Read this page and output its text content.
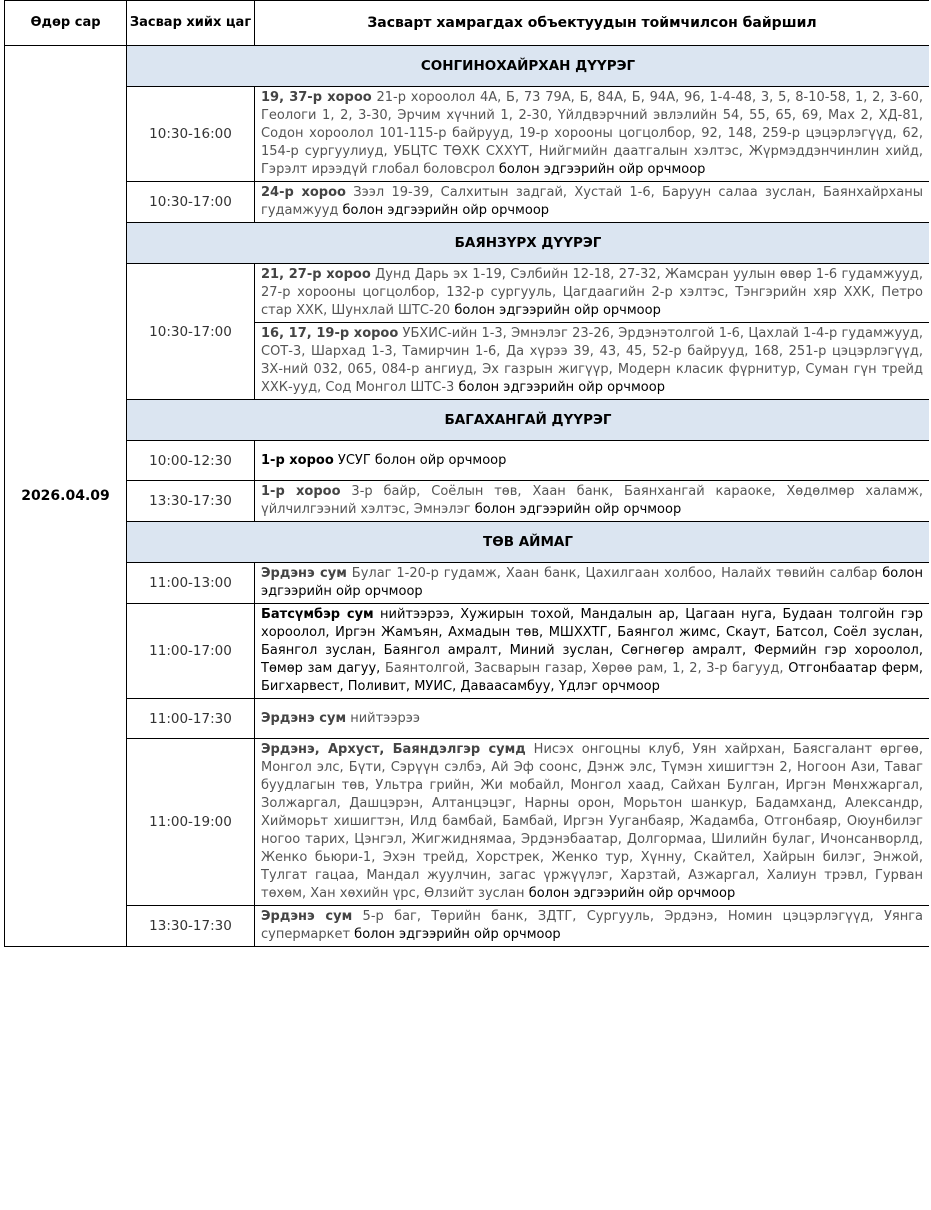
Өдөр сар	Засвар хийх цаг	Засварт хамрагдах объектуудын тоймчилсон байршил
2026.04.09	СОНГИНОХАЙРХАН ДҮҮРЭГ	
	10:30-16:00	19, 37-р хороо 21-р хороолол 4А, Б, 73 79А, Б, 84А, Б, 94А, 96, 1-4-48, 3, 5, 8-10-58, 1, 2, 3-60, Геологи 1, 2, 3-30, Эрчим хүчний 1, 2-30, Үйлдвэрчний эвлэлийн 54, 55, 65, 69, Мах 2, ХД-81, Содон хороолол 101-115-р байрууд, 19-р хорооны цогцолбор, 92, 148, 259-р цэцэрлэгүүд, 62, 154-р сургуулиуд, УБЦТС ТӨХК СХХҮТ, Нийгмийн даатгалын хэлтэс, Жүрмэддэнчинлин хийд, Гэрэлт ирээдүй глобал боловсрол болон эдгээрийн ойр орчмоор
	10:30-17:00	24-р хороо Зээл 19-39, Салхитын задгай, Хустай 1-6, Баруун салаа зуслан, Баянхайрханы гудамжууд болон эдгээрийн ойр орчмоор
	БАЯНЗҮРХ ДҮҮРЭГ	
	10:30-17:00	21, 27-р хороо Дунд Дарь эх 1-19, Сэлбийн 12-18, 27-32, Жамсран уулын өвөр 1-6 гудамжууд, 27-р хорооны цогцолбор, 132-р сургууль, Цагдаагийн 2-р хэлтэс, Тэнгэрийн хяр ХХК, Петро стар ХХК, Шунхлай ШТС-20 болон эдгээрийн ойр орчмоор
		16, 17, 19-р хороо УБХИС-ийн 1-3, Эмнэлэг 23-26, Эрдэнэтолгой 1-6, Цахлай 1-4-р гудамжууд, СОТ-3, Шархад 1-3, Тамирчин 1-6, Да хүрээ 39, 43, 45, 52-р байрууд, 168, 251-р цэцэрлэгүүд, ЗХ-ний 032, 065, 084-р ангиуд, Эх газрын жигүүр, Модерн класик фүрнитур, Суман гүн трейд ХХК-ууд, Сод Монгол ШТС-3 болон эдгээрийн ойр орчмоор
	БАГАХАНГАЙ ДҮҮРЭГ	
	10:00-12:30	1-р хороо УСУГ болон ойр орчмоор
	13:30-17:30	1-р хороо 3-р байр, Соёлын төв, Хаан банк, Баянхангай караоке, Хөдөлмөр халамж, үйлчилгээний хэлтэс, Эмнэлэг болон эдгээрийн ойр орчмоор
	ТӨВ АЙМАГ	
	11:00-13:00	Эрдэнэ сум Булаг 1-20-р гудамж, Хаан банк, Цахилгаан холбоо, Налайх төвийн салбар болон эдгээрийн ойр орчмоор
	11:00-17:00	Батсүмбэр сум нийтээрээ, Хужирын тохой, Мандалын ар, Цагаан нуга, Будаан толгойн гэр хороолол, Иргэн Жамъян, Ахмадын төв, МШХХТГ, Баянгол жимс, Скаут, Батсол, Соёл зуслан, Баянгол зуслан, Баянгол амралт, Миний зуслан, Сөгнөгөр амралт, Фермийн гэр хороолол, Төмөр зам дагуу, Баянтолгой, Засварын газар, Хөрөө рам, 1, 2, 3-р багууд, Отгонбаатар ферм, Бигхарвест, Поливит, МУИС, Даваасамбуу, Үдлэг орчмоор
	11:00-17:30	Эрдэнэ сум нийтээрээ
	11:00-19:00	Эрдэнэ, Архуст, Баяндэлгэр сумд Нисэх онгоцны клуб, Уян хайрхан, Баясгалант өргөө, Монгол элс, Бүти, Сэрүүн сэлбэ, Ай Эф соонс, Дэнж элс, Түмэн хишигтэн 2, Ногоон Ази, Таваг буудлагын төв, Ультра грийн, Жи мобайл, Монгол хаад, Сайхан Булган, Иргэн Мөнхжаргал, Золжаргал, Дашцэрэн, Алтанцэцэг, Нарны орон, Морьтон шанкур, Бадамханд, Александр, Хийморьт хишигтэн, Илд бамбай, Бамбай, Иргэн Ууганбаяр, Жадамба, Отгонбаяр, Оюунбилэг ногоо тарих, Цэнгэл, Жигжиднямаа, Эрдэнэбаатар, Долгормаа, Шилийн булаг, Ичонсанворлд, Женко бьюри-1, Эхэн трейд, Хорстрек, Женко тур, Хүнну, Скайтел, Хайрын билэг, Энжой, Тулгат гацаа, Мандал жуулчин, загас үржүүлэг, Харзтай, Азжаргал, Халиун трэвл, Гурван төхөм, Хан хөхийн үрс, Өлзийт зуслан болон эдгээрийн ойр орчмоор
	13:30-17:30	Эрдэнэ сум 5-р баг, Төрийн банк, ЗДТГ, Сургууль, Эрдэнэ, Номин цэцэрлэгүүд, Уянга супермаркет болон эдгээрийн ойр орчмоор
